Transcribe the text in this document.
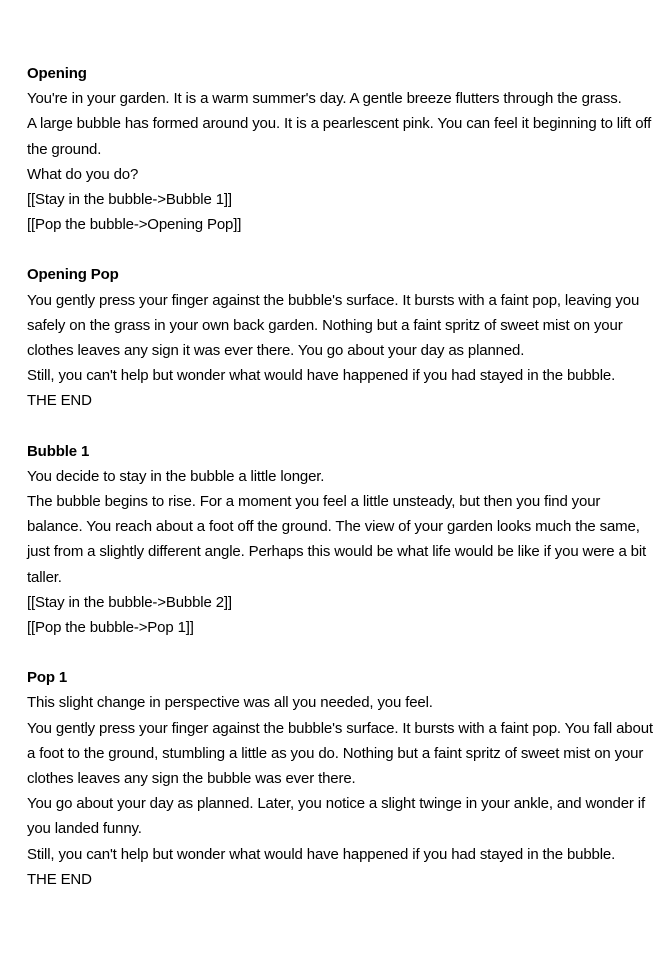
Opening

You're in your garden. It is a warm summer's day. A gentle breeze flutters through the grass.

A large bubble has formed around you. It is a pearlescent pink. You can feel it beginning to lift off the ground.

What do you do?

[[Stay in the bubble->Bubble 1]]

[[Pop the bubble->Opening Pop]]

Opening Pop

You gently press your finger against the bubble's surface. It bursts with a faint pop, leaving you safely on the grass in your own back garden. Nothing but a faint spritz of sweet mist on your clothes leaves any sign it was ever there. You go about your day as planned.

Still, you can't help but wonder what would have happened if you had stayed in the bubble.

THE END

Bubble 1

You decide to stay in the bubble a little longer.

The bubble begins to rise. For a moment you feel a little unsteady, but then you find your balance. You reach about a foot off the ground. The view of your garden looks much the same, just from a slightly different angle. Perhaps this would be what life would be like if you were a bit taller.

[[Stay in the bubble->Bubble 2]]

[[Pop the bubble->Pop 1]]

Pop 1

This slight change in perspective was all you needed, you feel.

You gently press your finger against the bubble's surface. It bursts with a faint pop. You fall about a foot to the ground, stumbling a little as you do. Nothing but a faint spritz of sweet mist on your clothes leaves any sign the bubble was ever there.

You go about your day as planned. Later, you notice a slight twinge in your ankle, and wonder if you landed funny.

Still, you can't help but wonder what would have happened if you had stayed in the bubble.

THE END
